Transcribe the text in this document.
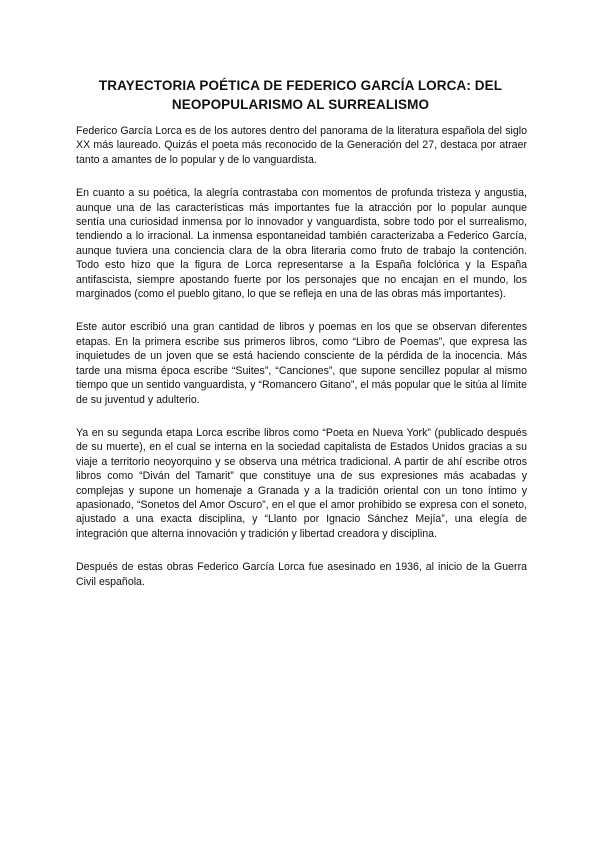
TRAYECTORIA POÉTICA DE FEDERICO GARCÍA LORCA: DEL NEOPOPULARISMO AL SURREALISMO

Federico García Lorca es de los autores dentro del panorama de la literatura española del siglo XX más laureado. Quizás el poeta más reconocido de la Generación del 27, destaca por atraer tanto a amantes de lo popular y de lo vanguardista.

En cuanto a su poética, la alegría contrastaba con momentos de profunda tristeza y angustia, aunque una de las características más importantes fue la atracción por lo popular aunque sentía una curiosidad inmensa por lo innovador y vanguardista, sobre todo por el surrealismo, tendiendo a lo irracional. La inmensa espontaneidad también caracterizaba a Federico García, aunque tuviera una conciencia clara de la obra literaria como fruto de trabajo la contención. Todo esto hizo que la figura de Lorca representarse a la España folclórica y la España antifascista, siempre apostando fuerte por los personajes que no encajan en el mundo, los marginados (como el pueblo gitano, lo que se refleja en una de las obras más importantes).

Este autor escribió una gran cantidad de libros y poemas en los que se observan diferentes etapas. En la primera escribe sus primeros libros, como “Libro de Poemas”, que expresa las inquietudes de un joven que se está haciendo consciente de la pérdida de la inocencia. Más tarde una misma época escribe “Suites”, “Canciones”, que supone sencillez popular al mismo tiempo que un sentido vanguardista, y “Romancero Gitano”, el más popular que le sitúa al límite de su juventud y adulterio.

Ya en su segunda etapa Lorca escribe libros como “Poeta en Nueva York” (publicado después de su muerte), en el cual se interna en la sociedad capitalista de Estados Unidos gracias a su viaje a territorio neoyorquino y se observa una métrica tradicional. A partir de ahí escribe otros libros como “Diván del Tamarit” que constituye una de sus expresiones más acabadas y complejas y supone un homenaje a Granada y a la tradición oriental con un tono íntimo y apasionado, “Sonetos del Amor Oscuro”, en el que el amor prohibido se expresa con el soneto, ajustado a una exacta disciplina, y “Llanto por Ignacio Sánchez Mejía”, una elegía de integración que alterna innovación y tradición y libertad creadora y disciplina.

Después de estas obras Federico García Lorca fue asesinado en 1936, al inicio de la Guerra Civil española.
